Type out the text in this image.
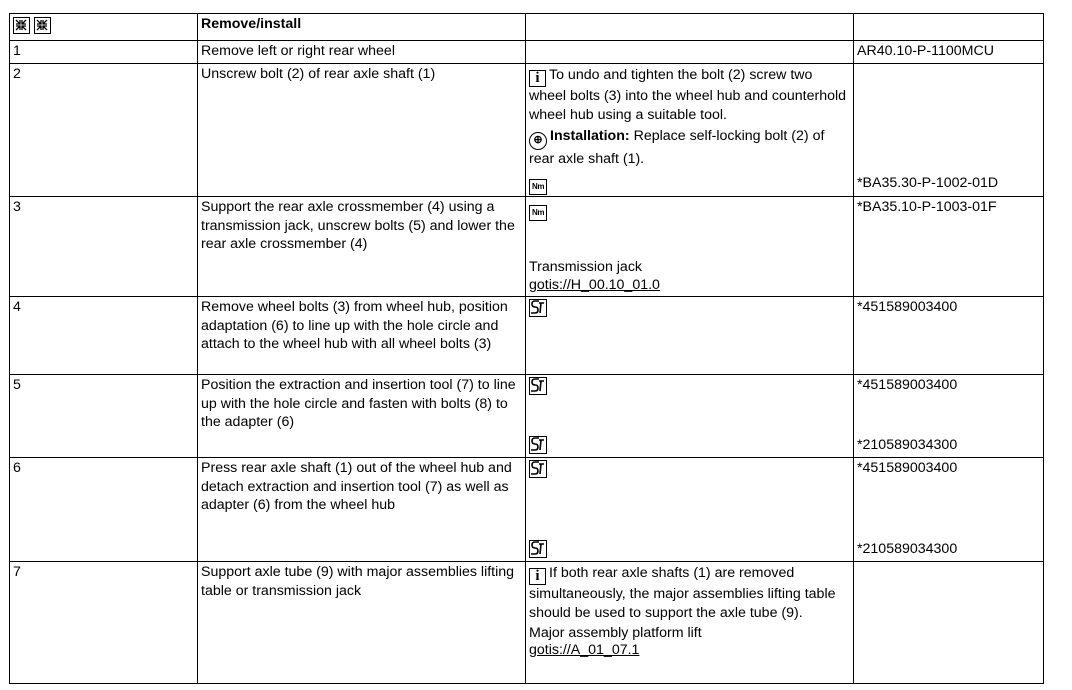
	Remove/install		
1	Remove left or right rear wheel		AR40.10-P-1100MCU
2	Unscrew bolt (2) of rear axle shaft (1)	i To undo and tighten the bolt (2) screw two wheel bolts (3) into the wheel hub and counterhold wheel hub using a suitable tool.
⊕ Installation: Replace self-locking bolt (2) of rear axle shaft (1).
Nm	*BA35.30-P-1002-01D
3	Support the rear axle crossmember (4) using a transmission jack, unscrew bolts (5) and lower the rear axle crossmember (4)	Nm
Transmission jack
gotis://H_00.10_01.0	*BA35.10-P-1003-01F
4	Remove wheel bolts (3) from wheel hub, position adaptation (6) to line up with the hole circle and attach to the wheel hub with all wheel bolts (3)		*451589003400
5	Position the extraction and insertion tool (7) to line up with the hole circle and fasten with bolts (8) to the adapter (6)		*451589003400
*210589034300

6	Press rear axle shaft (1) out of the wheel hub and detach extraction and insertion tool (7) as well as adapter (6) from the wheel hub		*451589003400
*210589034300

7	Support axle tube (9) with major assemblies lifting table or transmission jack	i If both rear axle shafts (1) are removed simultaneously, the major assemblies lifting table should be used to support the axle tube (9).
Major assembly platform lift
gotis://A_01_07.1	
